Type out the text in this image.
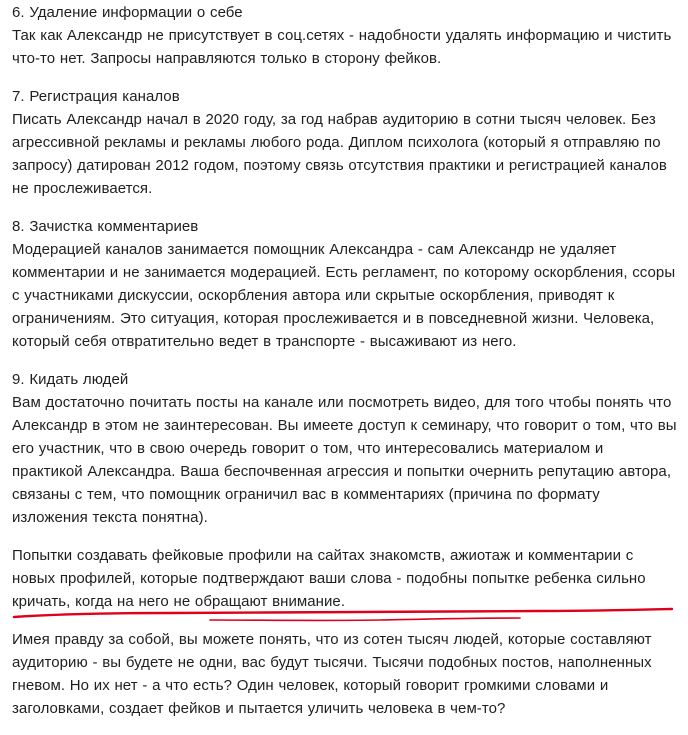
6. Удаление информации о себе

Так как Александр не присутствует в соц.сетях - надобности удалять информацию и чистить что-то нет. Запросы направляются только в сторону фейков.

7. Регистрация каналов

Писать Александр начал в 2020 году, за год набрав аудиторию в сотни тысяч человек. Без агрессивной рекламы и рекламы любого рода. Диплом психолога (который я отправляю по запросу) датирован 2012 годом, поэтому связь отсутствия практики и регистрацией каналов не прослеживается.

8. Зачистка комментариев

Модерацией каналов занимается помощник Александра - сам Александр не удаляет комментарии и не занимается модерацией. Есть регламент, по которому оскорбления, ссоры с участниками дискуссии, оскорбления автора или скрытые оскорбления, приводят к ограничениям. Это ситуация, которая прослеживается и в повседневной жизни. Человека, который себя отвратительно ведет в транспорте - высаживают из него.

9. Кидать людей

Вам достаточно почитать посты на канале или посмотреть видео, для того чтобы понять что Александр в этом не заинтересован. Вы имеете доступ к семинару, что говорит о том, что вы его участник, что в свою очередь говорит о том, что интересовались материалом и практикой Александра. Ваша беспочвенная агрессия и попытки очернить репутацию автора, связаны с тем, что помощник ограничил вас в комментариях (причина по формату изложения текста понятна).

Попытки создавать фейковые профили на сайтах знакомств, ажиотаж и комментарии с новых профилей, которые подтверждают ваши слова - подобны попытке ребенка сильно кричать, когда на него не обращают внимание.

Имея правду за собой, вы можете понять, что из сотен тысяч людей, которые составляют аудиторию - вы будете не одни, вас будут тысячи. Тысячи подобных постов, наполненных гневом. Но их нет - а что есть? Один человек, который говорит громкими словами и заголовками, создает фейков и пытается уличить человека в чем-то?
